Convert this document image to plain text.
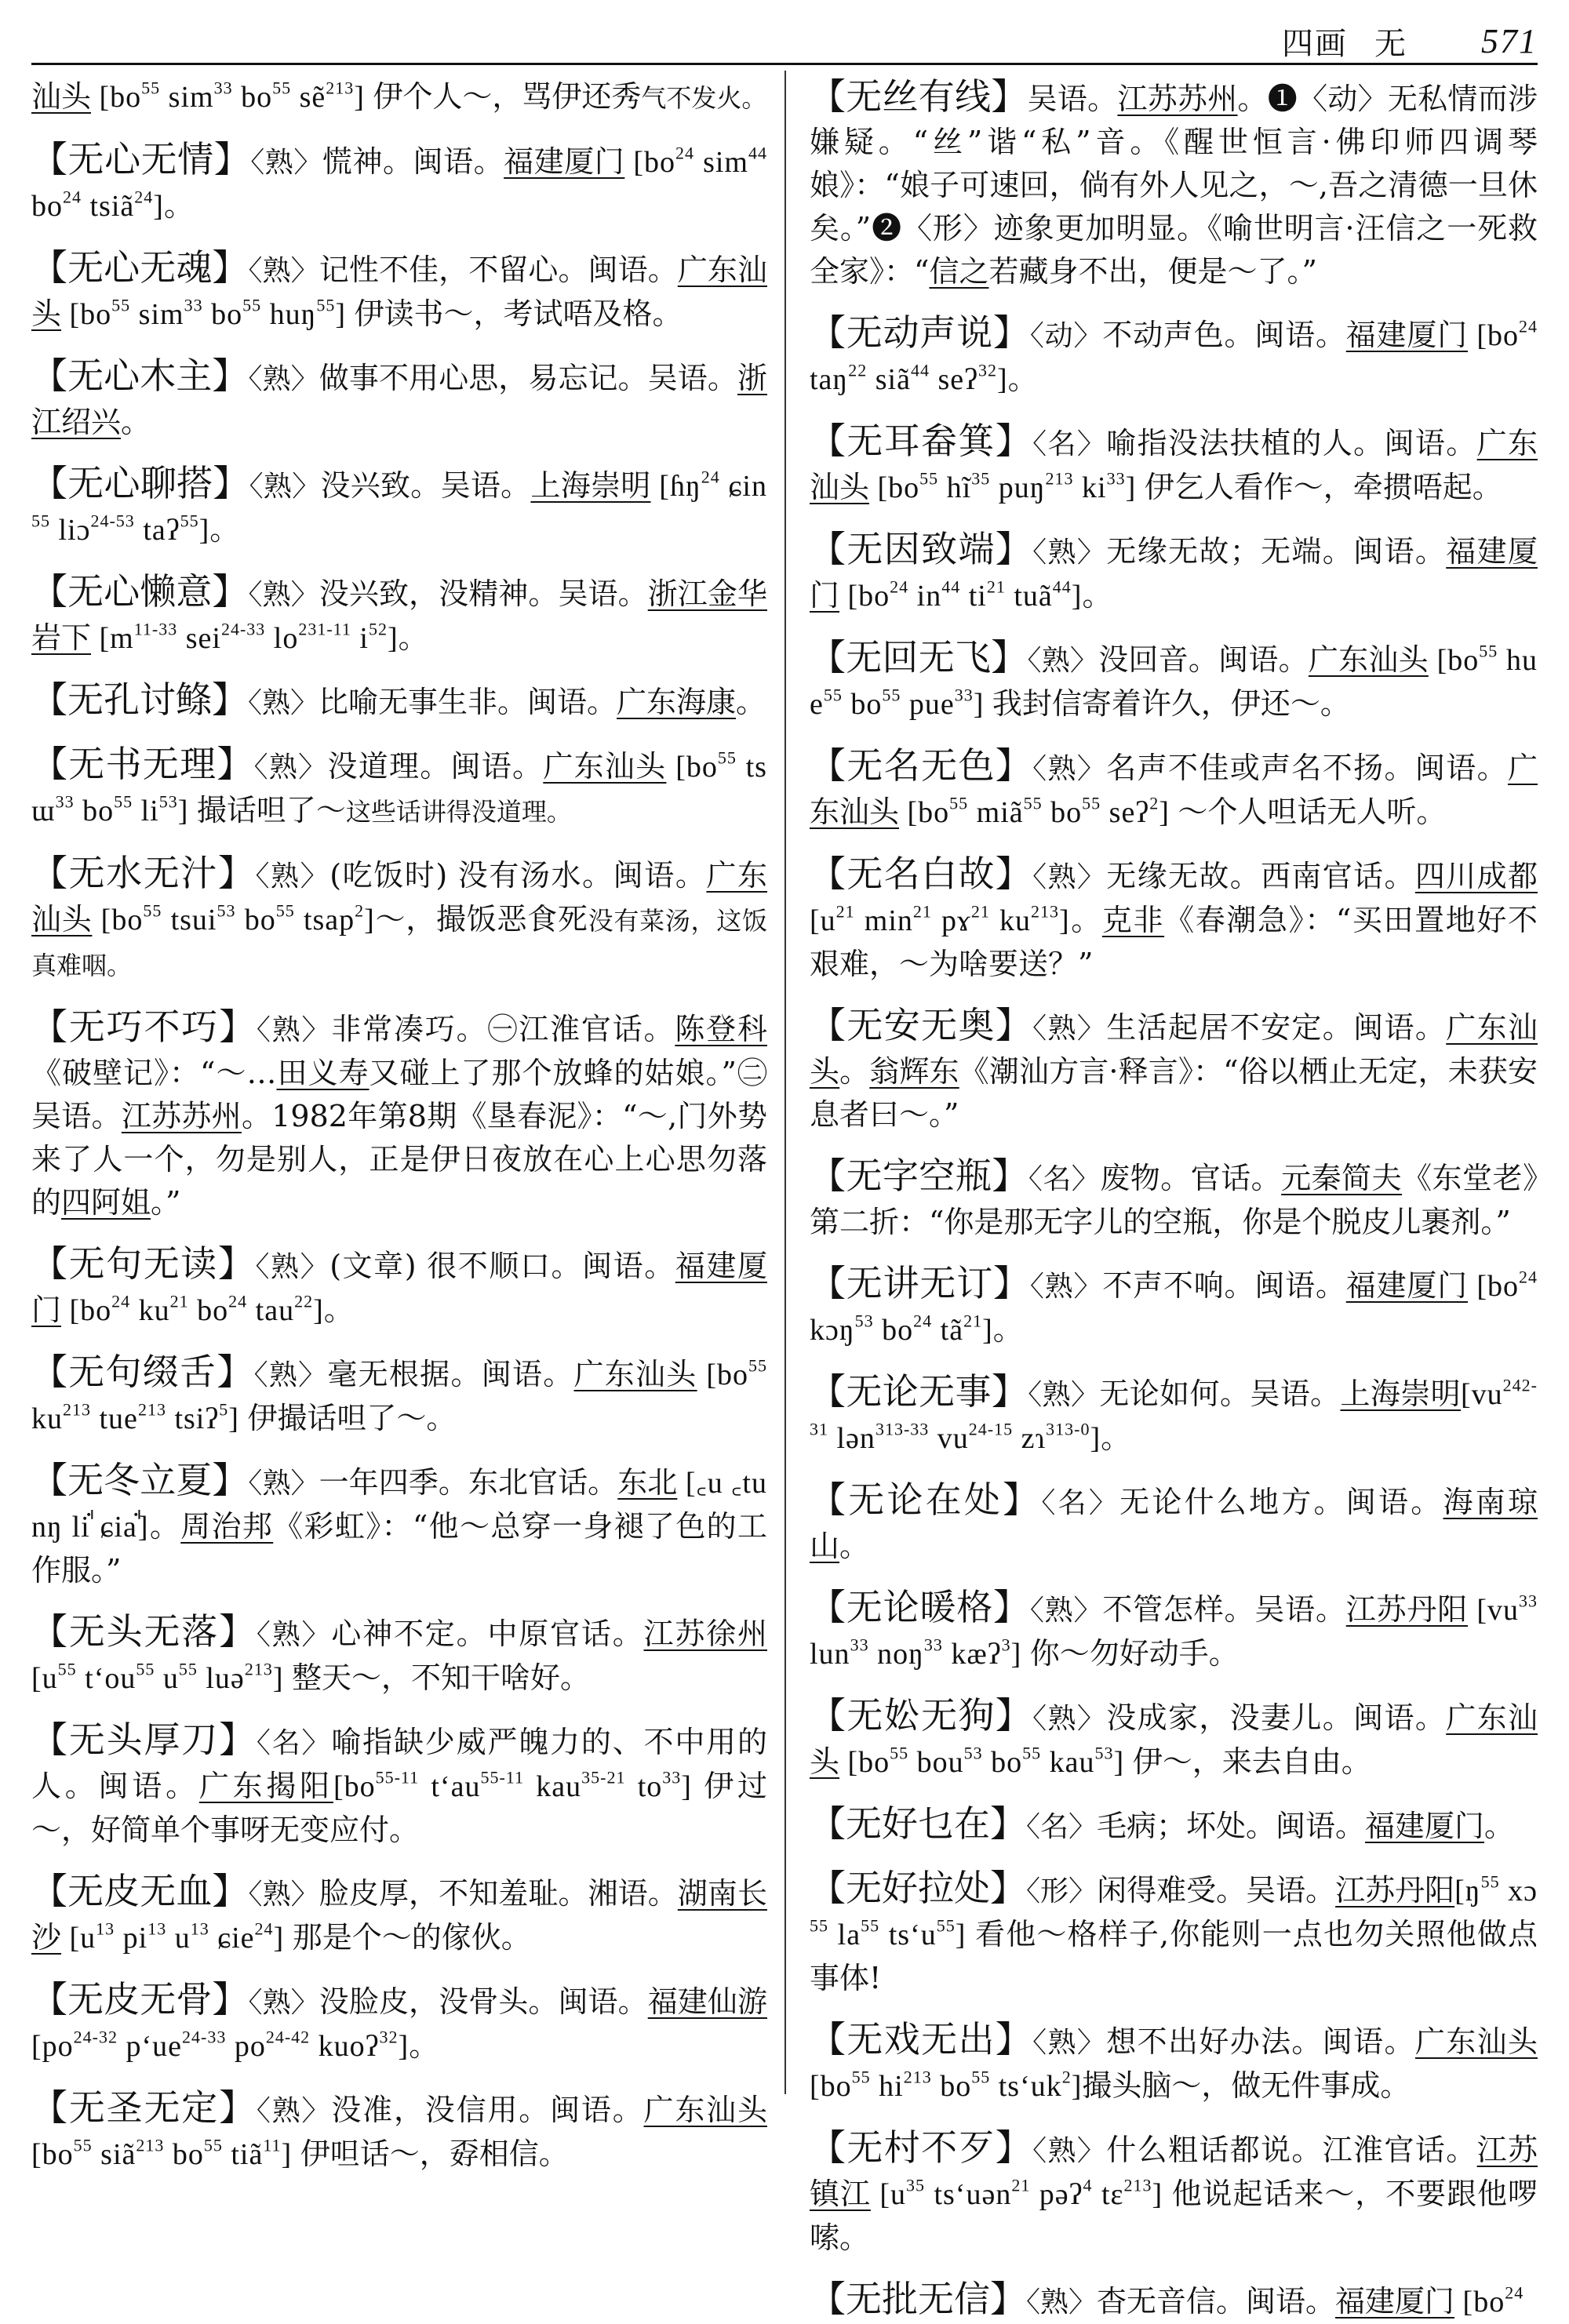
四画 无 571
汕头 [$bo^{55}$ sim$^{33}$ $bo^{55}$ sẽ$^{213}$] 伊个人～，骂伊还秀气不发火。
【无心无情】〈熟〉慌神。闽语。福建厦门 [$bo^{24}$ sim$^{44}$ $bo^{24}$ tsiã$^{24}$]。
【无心无魂】〈熟〉记性不佳，不留心。闽语。广东汕头 [$bo^{55}$ sim$^{33}$ $bo^{55}$ huŋ$^{55}$] 伊读书～，考试唔及格。
【无心木主】〈熟〉做事不用心思，易忘记。吴语。浙江绍兴。
【无心聊搭】〈熟〉没兴致。吴语。上海崇明 [ɦŋ$^{24}$ ɕin$^{55}$ liɔ$^{24-53}$ taʔ$^{55}$]。
【无心懒意】〈熟〉没兴致，没精神。吴语。浙江金华岩下 [$m^{11-33}$ sei$^{24-33}$ $lo^{231-11}$ $i^{52}$]。
【无孔讨鲦】〈熟〉比喻无事生非。闽语。广东海康。
【无书无理】〈熟〉没道理。闽语。广东汕头 [$bo^{55}$ tsɯ$^{33}$ $bo^{55}$ $li^{53}$] 撮话呾了～这些话讲得没道理。
【无水无汁】〈熟〉(吃饭时) 没有汤水。闽语。广东汕头 [$bo^{55}$ tsui$^{53}$ $bo^{55}$ tsap$^2$]～，撮饭恶食死没有菜汤，这饭真难咽。
【无巧不巧】〈熟〉非常凑巧。㊀江淮官话。陈登科《破壁记》：“～…田义寿又碰上了那个放蜂的姑娘。”㊁吴语。江苏苏州。1982年第8期《垦春泥》：“～,门外势来了人一个，勿是别人，正是伊日夜放在心上心思勿落的四阿姐。”
【无句无读】〈熟〉(文章) 很不顺口。闽语。福建厦门 [$bo^{24}$ $ku^{21}$ $bo^{24}$ tau$^{22}$]。
【无句缀舌】〈熟〉毫无根据。闽语。广东汕头 [$bo^{55}$ $ku^{213}$ tue$^{213}$ tsiʔ$^5$] 伊撮话呾了～。
【无冬立夏】〈熟〉一年四季。东北官话。东北 [꜀u ꜀tunŋ liꜗ ɕiaꜗ]。周治邦《彩虹》：“他～总穿一身褪了色的工作服。”
【无头无落】〈熟〉心神不定。中原官话。江苏徐州 [$u^{55}$ $t‘ou^{55}$ $u^{55}$ luə$^{213}$] 整天～，不知干啥好。
【无头厚刀】〈名〉喻指缺少威严魄力的、不中用的人。闽语。广东揭阳[$bo^{55-11}$ $t‘au^{55-11}$ kau$^{35-21}$ $to^{33}$] 伊过～，好简单个事呀无变应付。
【无皮无血】〈熟〉脸皮厚，不知羞耻。湘语。湖南长沙 [$u^{13}$ $pi^{13}$ $u^{13}$ ɕie$^{24}$] 那是个～的傢伙。
【无皮无骨】〈熟〉没脸皮，没骨头。闽语。福建仙游 [$po^{24-32}$ $p‘ue^{24-33}$ $po^{24-42}$ kuoʔ$^{32}$]。
【无圣无定】〈熟〉没准，没信用。闽语。广东汕头 [$bo^{55}$ siã$^{213}$ $bo^{55}$ tiã$^{11}$] 伊呾话～，孬相信。
【无丝有线】吴语。江苏苏州。❶〈动〉无私情而涉嫌疑。“丝”谐“私”音。《醒世恒言·佛印师四调琴娘》：“娘子可速回，倘有外人见之，～,吾之清德一旦休矣。”❷〈形〉迹象更加明显。《喻世明言·汪信之一死救全家》：“信之若藏身不出，便是～了。”
【无动声说】〈动〉不动声色。闽语。福建厦门 [$bo^{24}$ taŋ$^{22}$ siã$^{44}$ seʔ$^{32}$]。
【无耳畚箕】〈名〉喻指没法扶植的人。闽语。广东汕头 [$bo^{55}$ $hĩ^{35}$ puŋ$^{213}$ $ki^{33}$] 伊乞人看作～，牵掼唔起。
【无因致端】〈熟〉无缘无故；无端。闽语。福建厦门 [$bo^{24}$ $in^{44}$ $ti^{21}$ tuã$^{44}$]。
【无回无飞】〈熟〉没回音。闽语。广东汕头 [$bo^{55}$ hue$^{55}$ $bo^{55}$ pue$^{33}$] 我封信寄着许久，伊还～。
【无名无色】〈熟〉名声不佳或声名不扬。闽语。广东汕头 [$bo^{55}$ miã$^{55}$ $bo^{55}$ seʔ$^2$] ～个人呾话无人听。
【无名白故】〈熟〉无缘无故。西南官话。四川成都 [$u^{21}$ $\min^{21}$ pɤ$^{21}$ $ku^{213}$]。克非《春潮急》：“买田置地好不艰难，～为啥要送？”
【无安无奥】〈熟〉生活起居不安定。闽语。广东汕头。翁辉东《潮汕方言·释言》：“俗以栖止无定，未获安息者曰～。”
【无字空瓶】〈名〉废物。官话。元秦简夫《东堂老》第二折：“你是那无字儿的空瓶，你是个脱皮儿裹剂。”
【无讲无订】〈熟〉不声不响。闽语。福建厦门 [$bo^{24}$ kɔŋ$^{53}$ $bo^{24}$ $tã^{21}$]。
【无论无事】〈熟〉无论如何。吴语。上海崇明[$vu^{242-31}$ lən$^{313-33}$ $vu^{24-15}$ zɿ$^{313-0}$]。
【无论在处】〈名〉无论什么地方。闽语。海南琼山。
【无论暖格】〈熟〉不管怎样。吴语。江苏丹阳 [$vu^{33}$ lun$^{33}$ noŋ$^{33}$ kæʔ$^3$] 你～勿好动手。
【无妐无狗】〈熟〉没成家，没妻儿。闽语。广东汕头 [$bo^{55}$ bou$^{53}$ $bo^{55}$ kau$^{53}$] 伊～，来去自由。
【无好乜在】〈名〉毛病；坏处。闽语。福建厦门。
【无好拉处】〈形〉闲得难受。吴语。江苏丹阳[$ŋ^{55}$ xɔ$^{55}$ $la^{55}$ $ts‘u^{55}$] 看他～格样子,你能则一点也勿关照他做点事体!
【无戏无出】〈熟〉想不出好办法。闽语。广东汕头 [$bo^{55}$ $hi^{213}$ $bo^{55}$ $ts‘uk^2$]撮头脑～，做无件事成。
【无村不歹】〈熟〉什么粗话都说。江淮官话。江苏镇江 [$u^{35}$ ts‘uən$^{21}$ pəʔ$^4$ tɛ$^{213}$] 他说起话来～，不要跟他啰嗦。
【无批无信】〈熟〉杳无音信。闽语。福建厦门 [$bo^{24}$
